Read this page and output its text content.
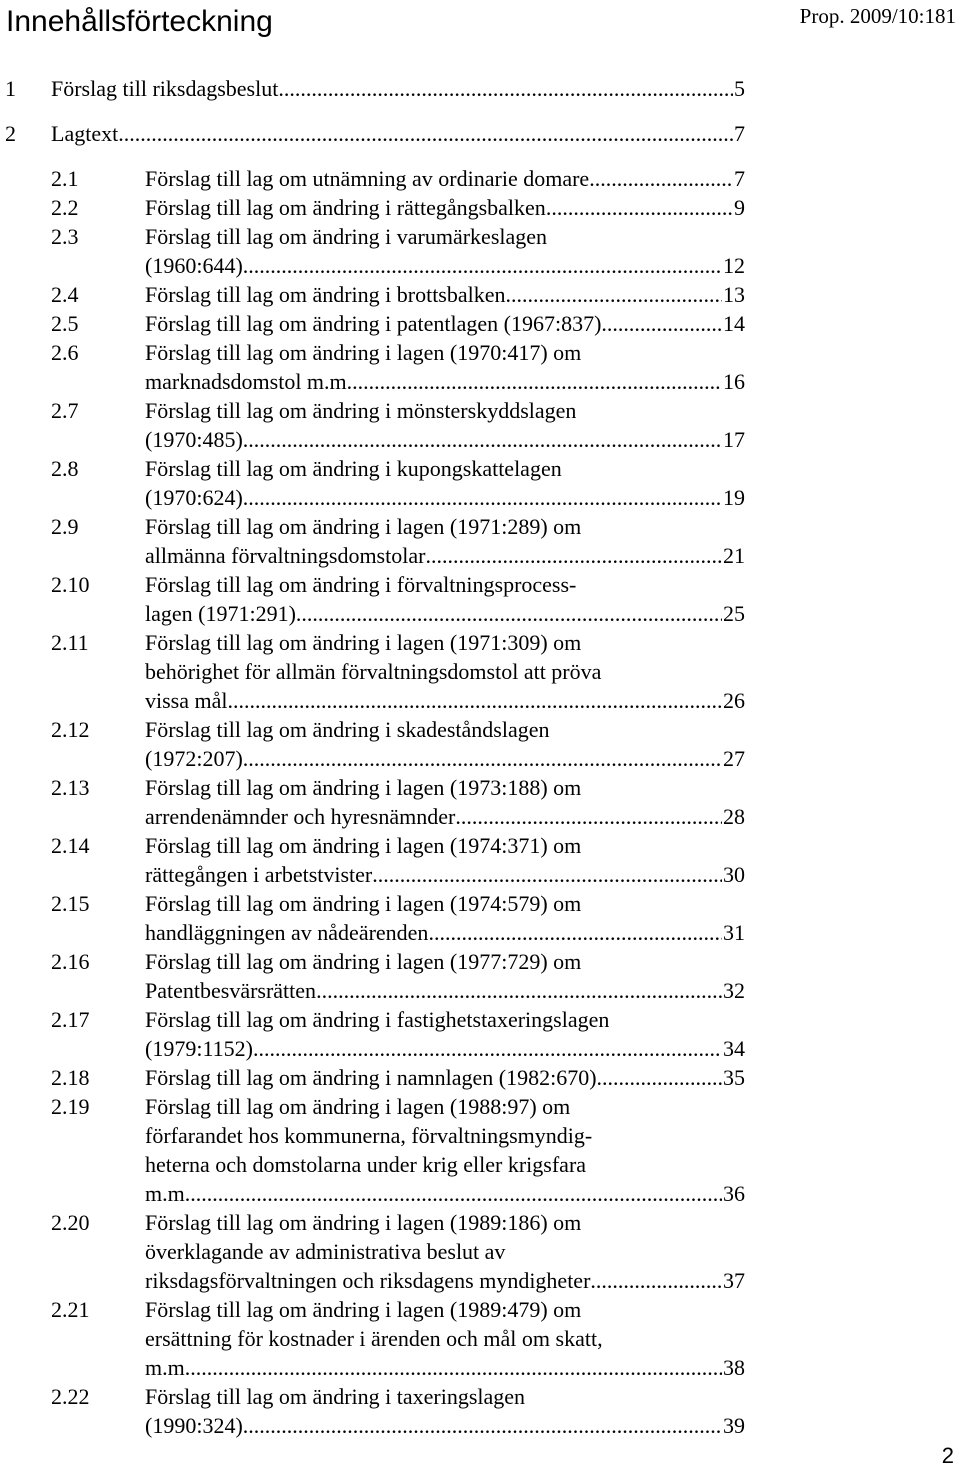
Innehållsförteckning	Prop. 2009/10:181
1 Förslag till riksdagsbeslut .....	5
2 Lagtext .....	7
2.1	Förslag till lag om utnämning av ordinarie domare .....	7
2.2	Förslag till lag om ändring i rättegångsbalken .....	9
2.3	Förslag till lag om ändring i varumärkeslagen
(1960:644) .....	12
2.4	Förslag till lag om ändring i brottsbalken .....	13
2.5	Förslag till lag om ändring i patentlagen (1967:837) .....	14
2.6	Förslag till lag om ändring i lagen (1970:417) om
marknadsdomstol m.m. .....	16
2.7	Förslag till lag om ändring i mönsterskyddslagen
(1970:485) .....	17
2.8	Förslag till lag om ändring i kupongskattelagen
(1970:624) .....	19
2.9	Förslag till lag om ändring i lagen (1971:289) om
allmänna förvaltningsdomstolar .....	21
2.10	Förslag till lag om ändring i förvaltningsprocess-
lagen (1971:291) .....	25
2.11	Förslag till lag om ändring i lagen (1971:309) om
behörighet för allmän förvaltningsdomstol att pröva
vissa mål .....	26
2.12	Förslag till lag om ändring i skadeståndslagen
(1972:207) .....	27
2.13	Förslag till lag om ändring i lagen (1973:188) om
arrendenämnder och hyresnämnder .....	28
2.14	Förslag till lag om ändring i lagen (1974:371) om
rättegången i arbetstvister .....	30
2.15	Förslag till lag om ändring i lagen (1974:579) om
handläggningen av nådeärenden .....	31
2.16	Förslag till lag om ändring i lagen (1977:729) om
Patentbesvärsrätten .....	32
2.17	Förslag till lag om ändring i fastighetstaxeringslagen
(1979:1152) .....	34
2.18	Förslag till lag om ändring i namnlagen (1982:670) .....	35
2.19	Förslag till lag om ändring i lagen (1988:97) om
förfarandet hos kommunerna, förvaltningsmyndig-
heterna och domstolarna under krig eller krigsfara
m.m. .....	36
2.20	Förslag till lag om ändring i lagen (1989:186) om
överklagande av administrativa beslut av
riksdagsförvaltningen och riksdagens myndigheter .....	37
2.21	Förslag till lag om ändring i lagen (1989:479) om
ersättning för kostnader i ärenden och mål om skatt,
m.m. .....	38
2.22	Förslag till lag om ändring i taxeringslagen
(1990:324) .....	39
2
